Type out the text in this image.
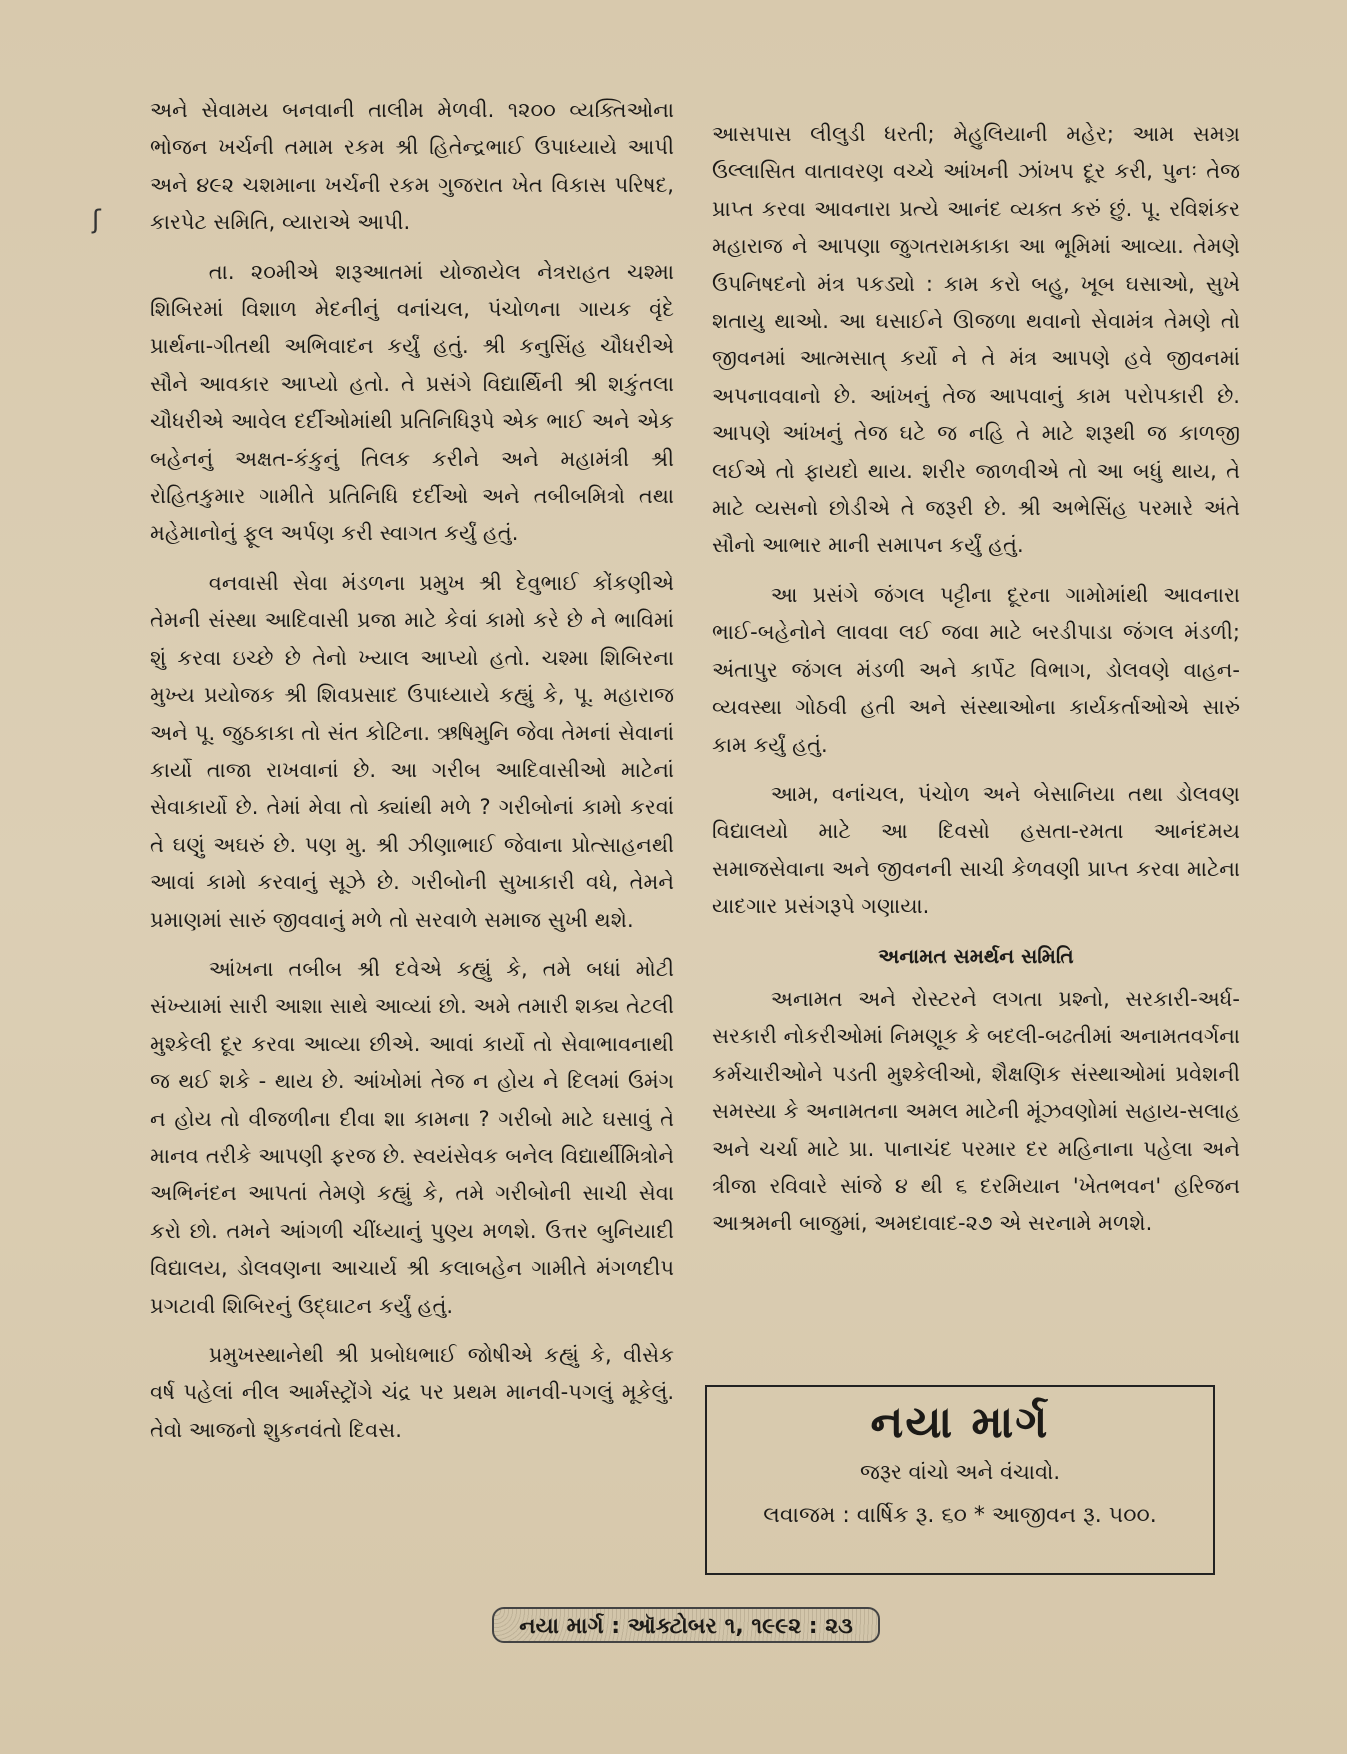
ʃ

અને સેવામય બનવાની તાલીમ મેળવી. ૧૨૦૦ વ્યક્તિઓના ભોજન ખર્ચની તમામ રકમ શ્રી હિતેન્દ્રભાઈ ઉપાધ્યાયે આપી અને ૪૯૨ ચશમાના ખર્ચની રકમ ગુજરાત ખેત વિકાસ પરિષદ, કારપેટ સમિતિ, વ્યારાએ આપી.

તા. ૨૦મીએ શરૂઆતમાં યોજાયેલ નેત્રરાહત ચશ્મા શિબિરમાં વિશાળ મેદનીનું વનાંચલ, પંચોળના ગાયક વૃંદે પ્રાર્થના-ગીતથી અભિવાદન કર્યું હતું. શ્રી કનુસિંહ ચૌધરીએ સૌને આવકાર આપ્યો હતો. તે પ્રસંગે વિદ્યાર્થિની શ્રી શકુંતલા ચૌધરીએ આવેલ દર્દીઓમાંથી પ્રતિનિધિરૂપે એક ભાઈ અને એક બહેનનું અક્ષત-કંકુનું તિલક કરીને અને મહામંત્રી શ્રી રોહિતકુમાર ગામીતે પ્રતિનિધિ દર્દીઓ અને તબીબમિત્રો તથા મહેમાનોનું ફૂલ અર્પણ કરી સ્વાગત કર્યું હતું.

વનવાસી સેવા મંડળના પ્રમુખ શ્રી દેવુભાઈ કોંકણીએ તેમની સંસ્થા આદિવાસી પ્રજા માટે કેવાં કામો કરે છે ને ભાવિમાં શું કરવા ઇચ્છે છે તેનો ખ્યાલ આપ્યો હતો. ચશ્મા શિબિરના મુખ્ય પ્રયોજક શ્રી શિવપ્રસાદ ઉપાધ્યાયે કહ્યું કે, પૂ. મહારાજ અને પૂ. જુઠકાકા તો સંત કોટિના. ઋષિમુનિ જેવા તેમનાં સેવાનાં કાર્યો તાજા રાખવાનાં છે. આ ગરીબ આદિવાસીઓ માટેનાં સેવાકાર્યો છે. તેમાં મેવા તો ક્યાંથી મળે ? ગરીબોનાં કામો કરવાં તે ઘણું અઘરું છે. પણ મુ. શ્રી ઝીણાભાઈ જેવાના પ્રોત્સાહનથી આવાં કામો કરવાનું સૂઝે છે. ગરીબોની સુખાકારી વધે, તેમને પ્રમાણમાં સારું જીવવાનું મળે તો સરવાળે સમાજ સુખી થશે.

આંખના તબીબ શ્રી દવેએ કહ્યું કે, તમે બધાં મોટી સંખ્યામાં સારી આશા સાથે આવ્યાં છો. અમે તમારી શક્ય તેટલી મુશ્કેલી દૂર કરવા આવ્યા છીએ. આવાં કાર્યો તો સેવાભાવનાથી જ થઈ શકે - થાય છે. આંખોમાં તેજ ન હોય ને દિલમાં ઉમંગ ન હોય તો વીજળીના દીવા શા કામના ? ગરીબો માટે ઘસાવું તે માનવ તરીકે આપણી ફરજ છે. સ્વયંસેવક બનેલ વિદ્યાર્થીમિત્રોને અભિનંદન આપતાં તેમણે કહ્યું કે, તમે ગરીબોની સાચી સેવા કરો છો. તમને આંગળી ચીંધ્યાનું પુણ્ય મળશે. ઉત્તર બુનિયાદી વિદ્યાલય, ડોલવણના આચાર્ય શ્રી કલાબહેન ગામીતે મંગળદીપ પ્રગટાવી શિબિરનું ઉદ્‌ઘાટન કર્યું હતું.

પ્રમુખસ્થાનેથી શ્રી પ્રબોધભાઈ જોષીએ કહ્યું કે, વીસેક વર્ષ પહેલાં નીલ આર્મસ્ટ્રોંગે ચંદ્ર પર પ્રથમ માનવી-પગલું મૂકેલું. તેવો આજનો શુકનવંતો દિવસ.

આસપાસ લીલુડી ધરતી; મેહુલિયાની મહેર; આમ સમગ્ર ઉલ્લાસિત વાતાવરણ વચ્ચે આંખની ઝાંખપ દૂર કરી, પુનઃ તેજ પ્રાપ્ત કરવા આવનારા પ્રત્યે આનંદ વ્યક્ત કરું છું. પૂ. રવિશંકર મહારાજ ને આપણા જુગતરામકાકા આ ભૂમિમાં આવ્યા. તેમણે ઉપનિષદનો મંત્ર પકડ્યો : કામ કરો બહુ, ખૂબ ઘસાઓ, સુખે શતાયુ થાઓ. આ ઘસાઈને ઊજળા થવાનો સેવામંત્ર તેમણે તો જીવનમાં આત્મસાત્ કર્યો ને તે મંત્ર આપણે હવે જીવનમાં અપનાવવાનો છે. આંખનું તેજ આપવાનું કામ પરોપકારી છે. આપણે આંખનું તેજ ઘટે જ નહિ તે માટે શરૂથી જ કાળજી લઈએ તો ફાયદો થાય. શરીર જાળવીએ તો આ બધું થાય, તે માટે વ્યસનો છોડીએ તે જરૂરી છે. શ્રી અભેસિંહ પરમારે અંતે સૌનો આભાર માની સમાપન કર્યું હતું.

આ પ્રસંગે જંગલ પટ્ટીના દૂરના ગામોમાંથી આવનારા ભાઈ-બહેનોને લાવવા લઈ જવા માટે બરડીપાડા જંગલ મંડળી; અંતાપુર જંગલ મંડળી અને કાર્પેટ વિભાગ, ડોલવણે વાહન-વ્યવસ્થા ગોઠવી હતી અને સંસ્થાઓના કાર્યકર્તાઓએ સારું કામ કર્યું હતું.

આમ, વનાંચલ, પંચોળ અને બેસાનિયા તથા ડોલવણ વિદ્યાલયો માટે આ દિવસો હસતા-રમતા આનંદમય સમાજસેવાના અને જીવનની સાચી કેળવણી પ્રાપ્ત કરવા માટેના યાદગાર પ્રસંગરૂપે ગણાયા.

અનામત સમર્થન સમિતિ

અનામત અને રોસ્ટરને લગતા પ્રશ્નો, સરકારી-અર્ધ-સરકારી નોકરીઓમાં નિમણૂક કે બદલી-બઢતીમાં અનામતવર્ગના કર્મચારીઓને પડતી મુશ્કેલીઓ, શૈક્ષણિક સંસ્થાઓમાં પ્રવેશની સમસ્યા કે અનામતના અમલ માટેની મૂંઝવણોમાં સહાય-સલાહ અને ચર્ચા માટે પ્રા. પાનાચંદ પરમાર દર મહિનાના પહેલા અને ત્રીજા રવિવારે સાંજે ૪ થી ૬ દરમિયાન 'ખેતભવન' હરિજન આશ્રમની બાજુમાં, અમદાવાદ-૨૭ એ સરનામે મળશે.

નયા માર્ગ
જરૂર વાંચો અને વંચાવો.
લવાજમ : વાર્ષિક રૂ. ૬૦ * આજીવન રૂ. ૫૦૦.
નયા માર્ગ : ઑક્ટોબર ૧, ૧૯૯૨ : ૨૩
